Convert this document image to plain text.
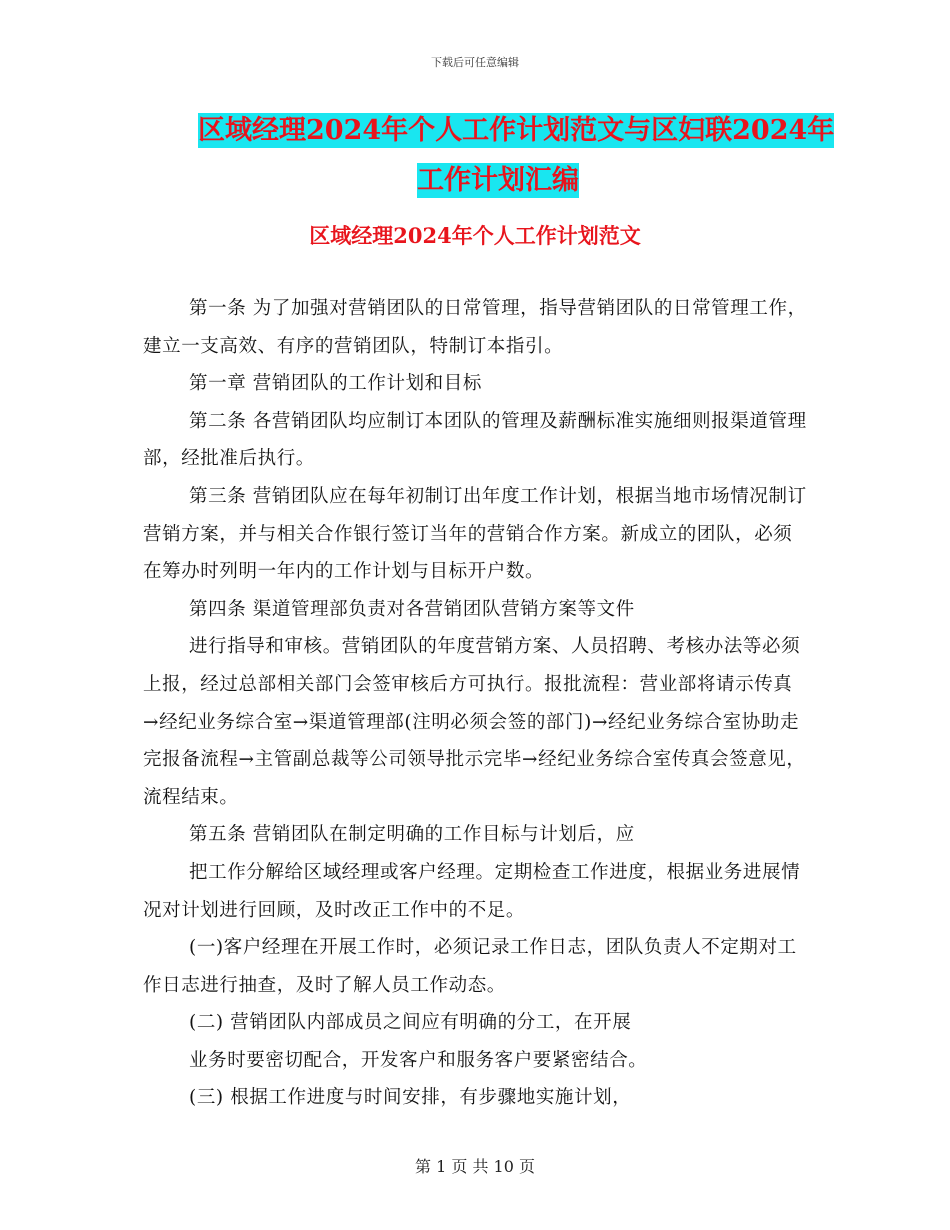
下载后可任意编辑
区域经理2024年个人工作计划范文与区妇联2024年
工作计划汇编
区域经理2024年个人工作计划范文

第一条 为了加强对营销团队的日常管理，指导营销团队的日常管理工作，建立一支高效、有序的营销团队，特制订本指引。

第一章 营销团队的工作计划和目标

第二条 各营销团队均应制订本团队的管理及薪酬标准实施细则报渠道管理部，经批准后执行。

第三条 营销团队应在每年初制订出年度工作计划，根据当地市场情况制订营销方案，并与相关合作银行签订当年的营销合作方案。新成立的团队，必须在筹办时列明一年内的工作计划与目标开户数。

第四条 渠道管理部负责对各营销团队营销方案等文件

进行指导和审核。营销团队的年度营销方案、人员招聘、考核办法等必须上报，经过总部相关部门会签审核后方可执行。报批流程：营业部将请示传真→经纪业务综合室→渠道管理部(注明必须会签的部门)→经纪业务综合室协助走完报备流程→主管副总裁等公司领导批示完毕→经纪业务综合室传真会签意见，流程结束。

第五条 营销团队在制定明确的工作目标与计划后，应

把工作分解给区域经理或客户经理。定期检查工作进度，根据业务进展情况对计划进行回顾，及时改正工作中的不足。

(一)客户经理在开展工作时，必须记录工作日志，团队负责人不定期对工作日志进行抽查，及时了解人员工作动态。

(二) 营销团队内部成员之间应有明确的分工，在开展

业务时要密切配合，开发客户和服务客户要紧密结合。

(三) 根据工作进度与时间安排，有步骤地实施计划，

第 1 页 共 10 页
